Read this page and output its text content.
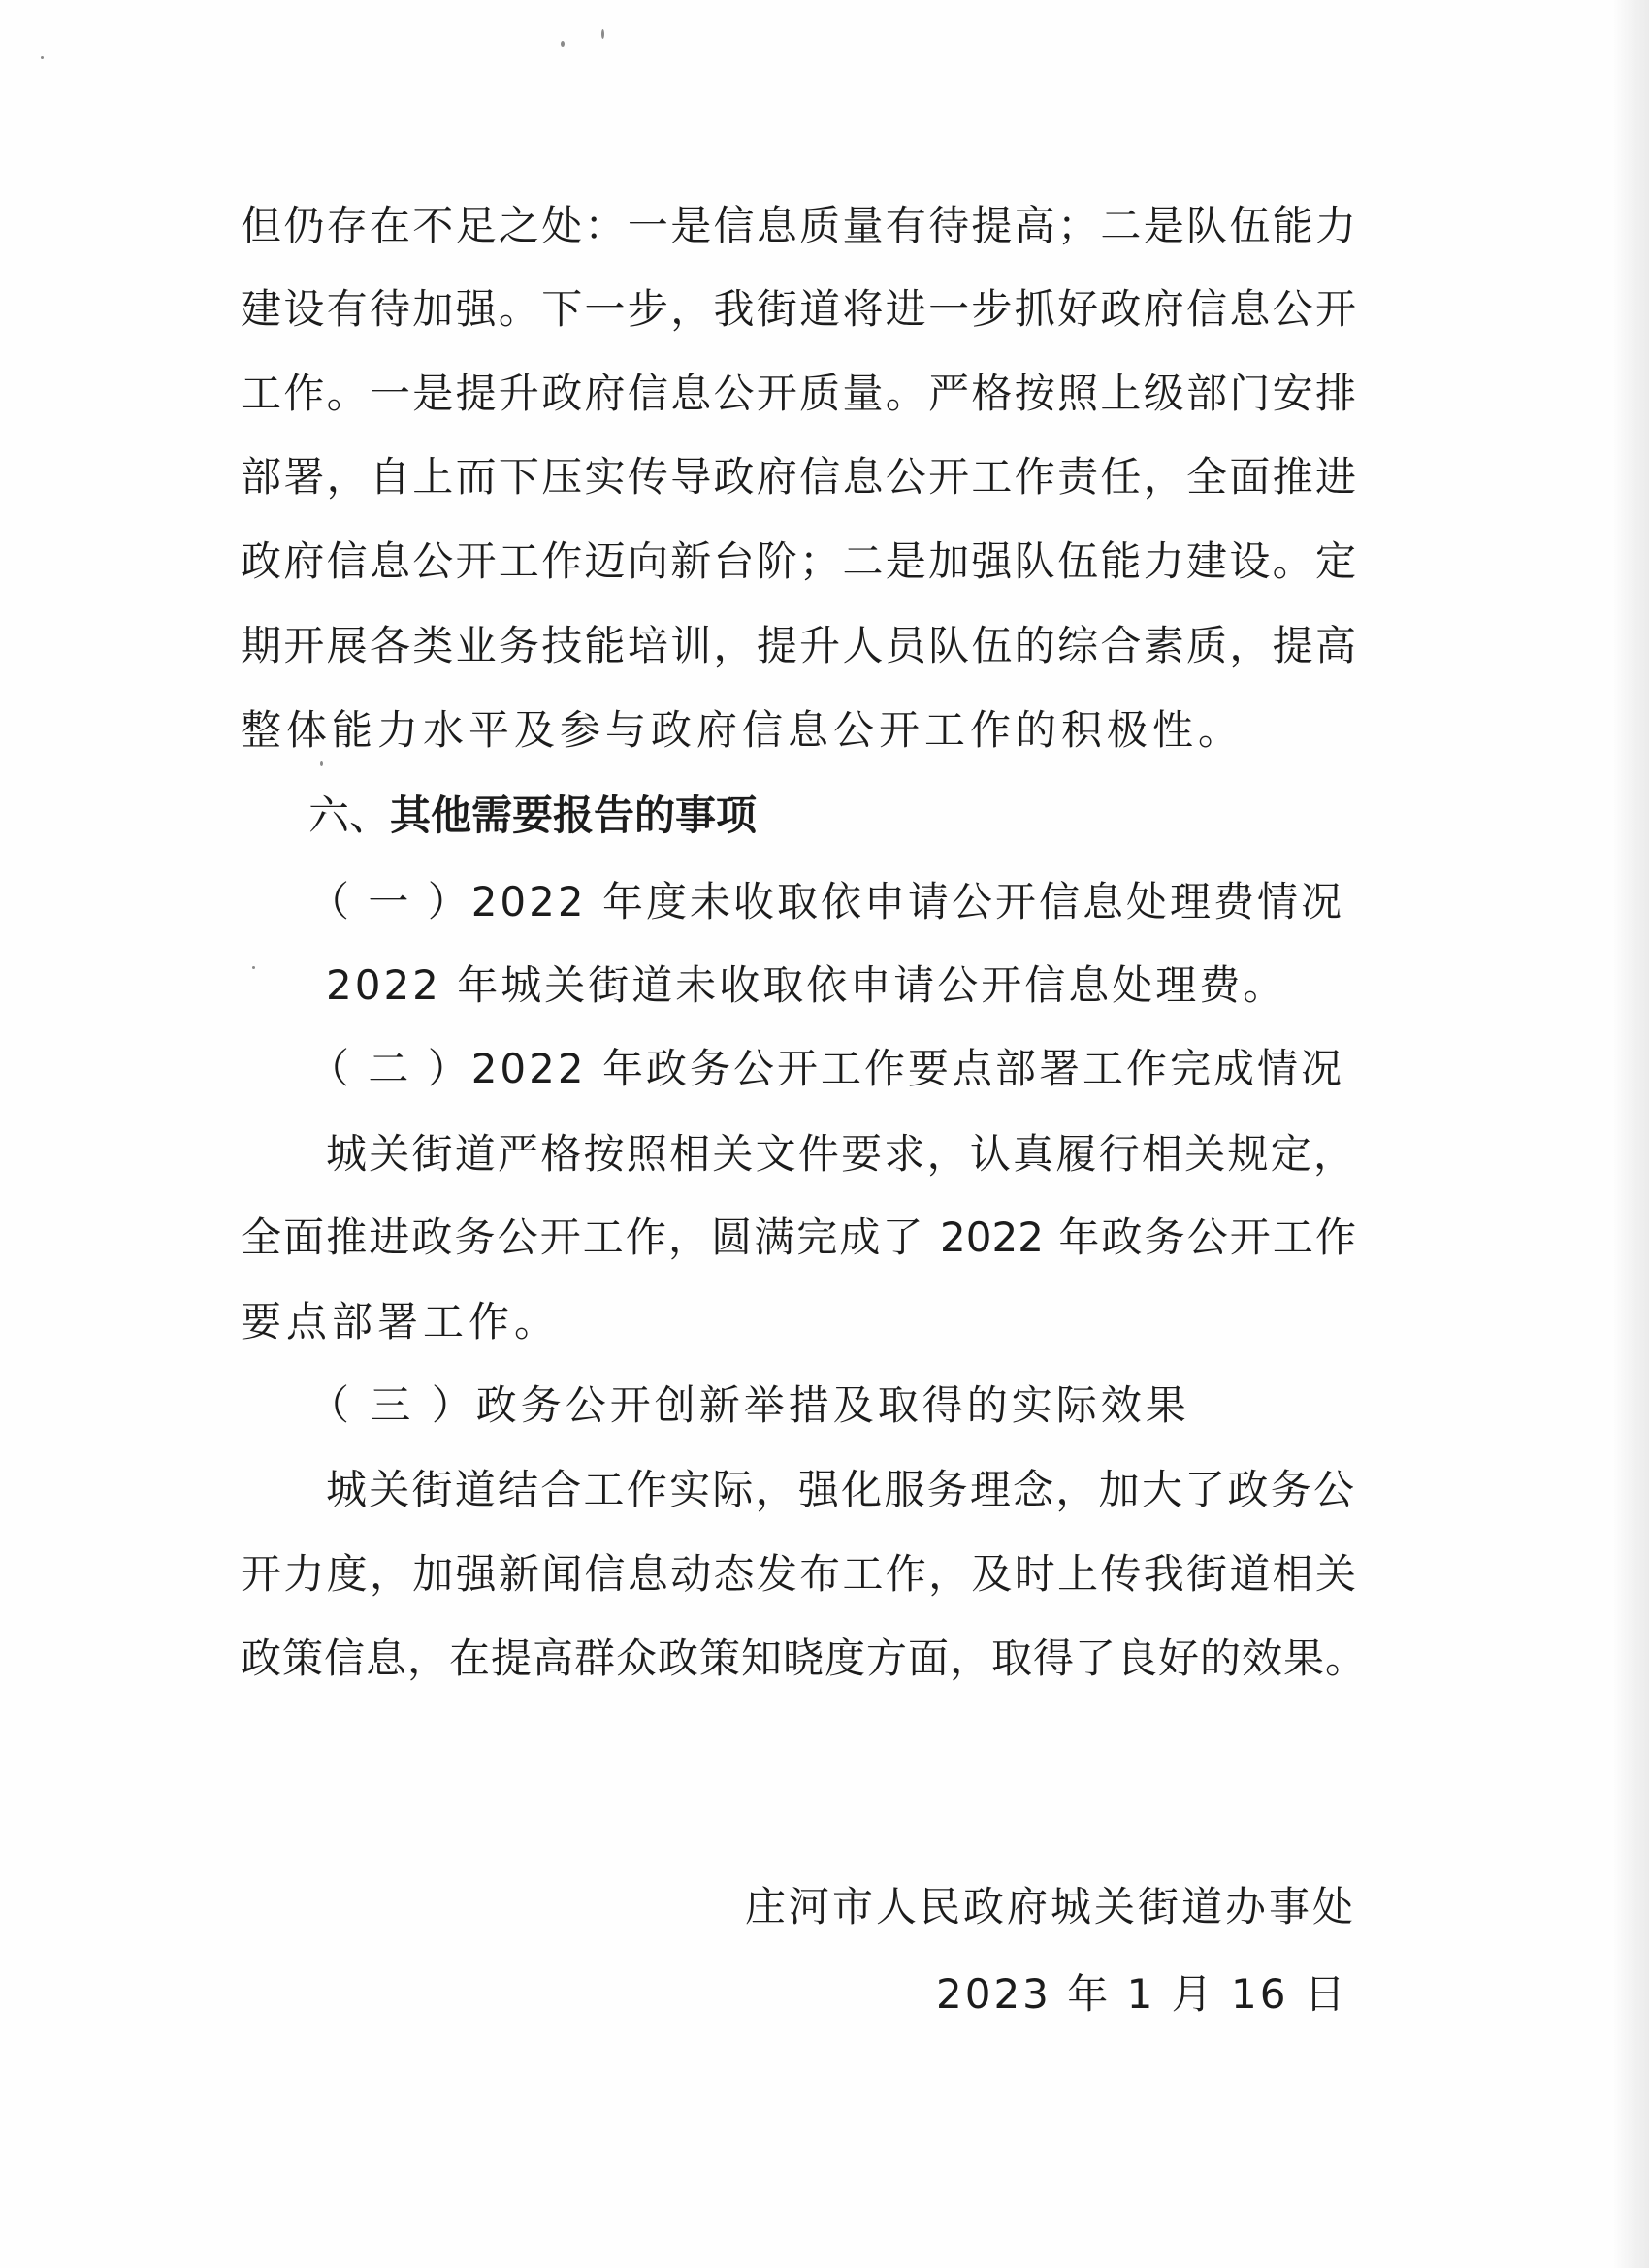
但仍存在不足之处：一是信息质量有待提高；二是队伍能力
建设有待加强。下一步，我街道将进一步抓好政府信息公开
工作。一是提升政府信息公开质量。严格按照上级部门安排
部署，自上而下压实传导政府信息公开工作责任，全面推进
政府信息公开工作迈向新台阶；二是加强队伍能力建设。定
期开展各类业务技能培训，提升人员队伍的综合素质，提高
整体能力水平及参与政府信息公开工作的积极性。
六、其他需要报告的事项
（ 一 ）2022 年度未收取依申请公开信息处理费情况
2022 年城关街道未收取依申请公开信息处理费。
（ 二 ）2022 年政务公开工作要点部署工作完成情况
城关街道严格按照相关文件要求，认真履行相关规定，
全面推进政务公开工作，圆满完成了 2022 年政务公开工作
要点部署工作。
（ 三 ）政务公开创新举措及取得的实际效果
城关街道结合工作实际，强化服务理念，加大了政务公
开力度，加强新闻信息动态发布工作，及时上传我街道相关
政策信息，在提高群众政策知晓度方面，取得了良好的效果。
庄河市人民政府城关街道办事处
2023 年 1 月 16 日
